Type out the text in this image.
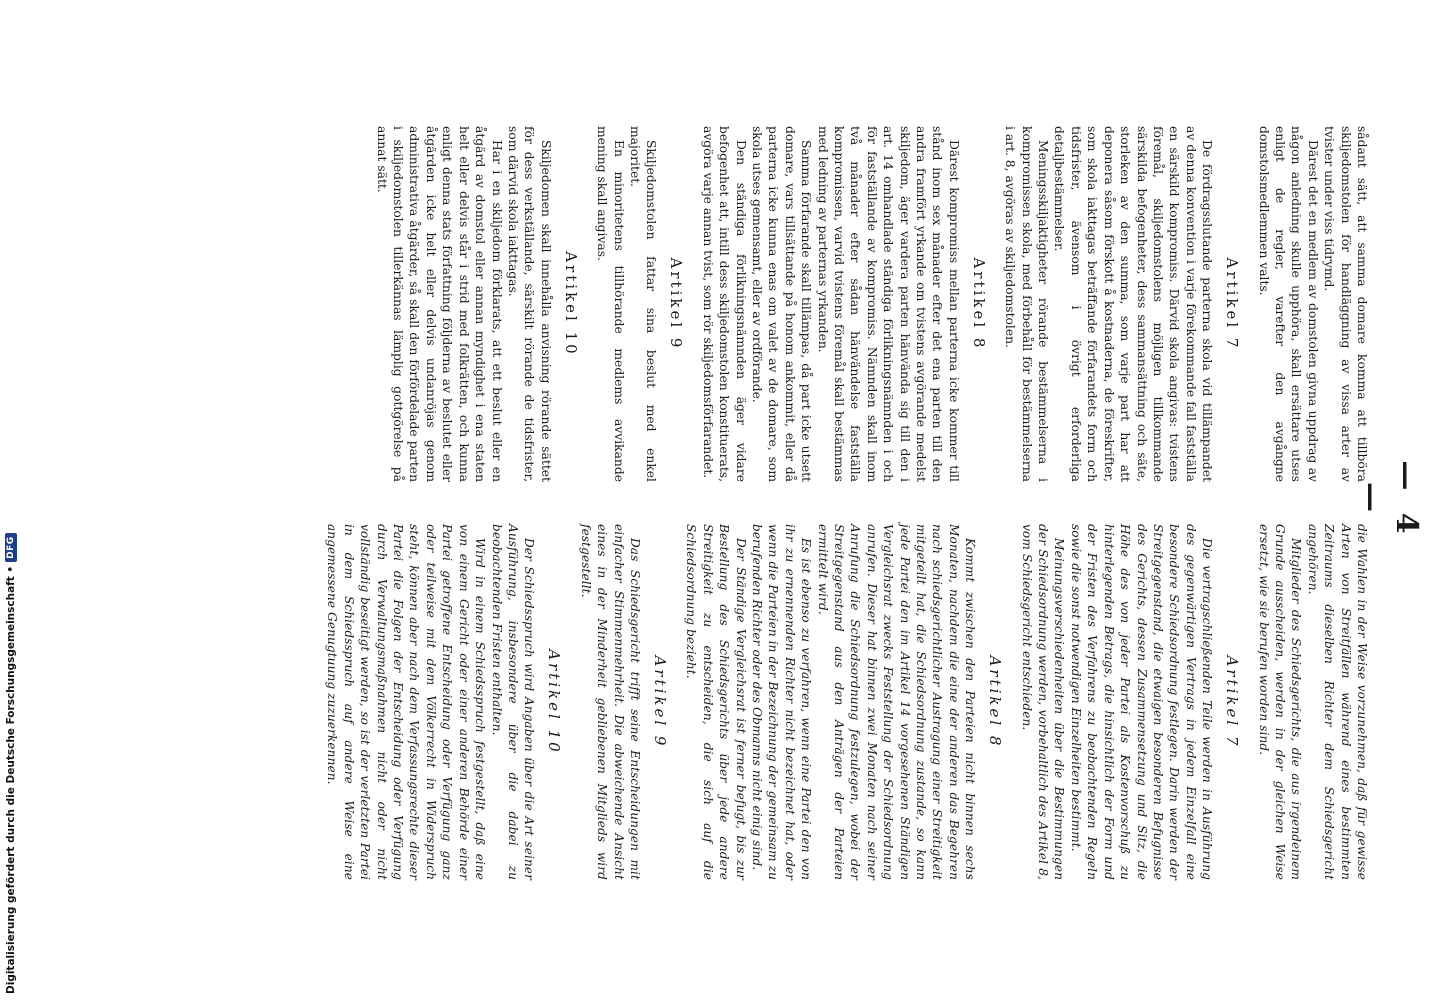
— 4 —

sådant sätt, att samma domare komma att tillböra skiljedomstolen för handläggning av vissa arter av tvister under viss tidrymd.

Därest det en medlem av domstolen givna uppdrag av någon anledning skulle upphöra, skall ersättare utses enligt de regler, varefter den avgångne domstolsmedlemmen valts.

Artikel 7

De fördragsslutande parterna skola vid tillämpandet av denna konvention i varje förekommande fall fastställa en särskild kompromiss. Därvid skola angivas: tvistens föremål, skiljedomstolens möjligen tillkommande särskilda befogenheter, dess sammansättning och säte, storleken av den summa, som varje part har att deponera såsom förskott å kostnaderna, de föreskrifter, som skola iakttagas beträffande förfarandets form och tidsfrister, ävensom i övrigt erforderliga detaljbestämmelser.

Meningsskiljaktigheter rörande bestämmelserna i kompromissen skola, med förbehåll för bestämmelserna i art. 8, avgöras av skiljedomstolen.

Artikel 8

Därest kompromiss mellan parterna icke kommer till stånd inom sex månader efter det ena parten till den andra framfört yrkande om tvistens avgörande medelst skiljedom, äger vardera parten hänvända sig till den i art. 14 omhandlade ständiga förlikningsnämnden i och för fastställande av kompromiss. Nämnden skall inom två månader efter sådan hänvändelse fastställa kompromissen, varvid tvistens föremål skall bestämmas med ledning av parternas yrkanden.

Samma förfarande skall tillämpas, då part icke utsett domare, vars tillsättande på honom ankommit, eller då parterna icke kunna enas om valet av de domare, som skola utses gemensamt, eller av ordförande.

Den ständiga förlikningsnämnden äger vidare befogenhet att, intill dess skiljedomstolen konstituerats, avgöra varje annan tvist, som rör skiljedomsförfarandet.

Artikel 9

Skiljedomstolen fattar sina beslut med enkel majoritet.

En minoritetens tillhörande medlems avvikande mening skall angivas.

Artikel 10

Skiljedomen skall innehålla anvisning rörande sättet för dess verkställande, särskilt rörande de tidsfrister, som därvid skola iakttagas.

Har i en skiljedom förklarats, att ett beslut eller en åtgärd av domstol eller annan myndighet i ena staten helt eller delvis står i strid med folkrätten, och kunna enligt denna stats författning följderna av beslutet eller åtgärden icke helt eller delvis undanröjas genom administrativa åtgärder, så skall den förfördelade parten i skiljedomstolen tillerkännas lämplig gottgörelse på annat sätt.

die Wahlen in der Weise vorzunehmen, daß für gewisse Arten von Streitfällen während eines bestimmten Zeitraums dieselben Richter dem Schiedsgericht angehören.

Mitglieder des Schiedsgerichts, die aus irgendeinem Grunde ausscheiden, werden in der gleichen Weise ersetzt, wie sie berufen worden sind.

Artikel 7

Die vertragschließenden Teile werden in Ausführung des gegenwärtigen Vertrags in jedem Einzelfall eine besondere Schiedsordnung festlegen. Darin werden der Streitgegenstand, die etwaigen besonderen Befugnisse des Gerichts, dessen Zusammensetzung und Sitz, die Höhe des von jeder Partei als Kostenvorschuß zu hinterlegenden Betrags, die hinsichtlich der Form und der Fristen des Verfahrens zu beobachtenden Regeln sowie die sonst notwendigen Einzelheiten bestimmt.

Meinungsverschiedenheiten über die Bestimmungen der Schiedsordnung werden, vorbehaltlich des Artikel 8, vom Schiedsgericht entschieden.

Artikel 8

Kommt zwischen den Parteien nicht binnen sechs Monaten, nachdem die eine der anderen das Begehren nach schiedsgerichtlicher Austragung einer Streitigkeit mitgeteilt hat, die Schiedsordnung zustande, so kann jede Partei den im Artikel 14 vorgesehenen Ständigen Vergleichsrat zwecks Feststellung der Schiedsordnung anrufen. Dieser hat binnen zwei Monaten nach seiner Anrufung die Schiedsordnung festzulegen, wobei der Streitgegenstand aus den Anträgen der Parteien ermittelt wird.

Es ist ebenso zu verfahren, wenn eine Partei den von ihr zu ernennenden Richter nicht bezeichnet hat, oder wenn die Parteien in der Bezeichnung der gemeinsam zu berufenden Richter oder des Obmanns nicht einig sind.

Der Ständige Vergleichsrat ist ferner befugt, bis zur Bestellung des Schiedsgerichts über jede andere Streitigkeit zu entscheiden, die sich auf die Schiedsordnung bezieht.

Artikel 9

Das Schiedsgericht trifft seine Entscheidungen mit einfacher Stimmenmehrheit. Die abweichende Ansicht eines in der Minderheit gebliebenen Mitglieds wird festgestellt.

Artikel 10

Der Schiedsspruch wird Angaben über die Art seiner Ausführung, insbesondere über die dabei zu beobachtenden Fristen enthalten.

Wird in einem Schiedsspruch festgestellt, daß eine von einem Gericht oder einer anderen Behörde einer Partei getroffene Entscheidung oder Verfügung ganz oder teilweise mit dem Völkerrecht in Widerspruch steht, können aber nach dem Verfassungsrechte dieser Partei die Folgen der Entscheidung oder Verfügung durch Verwaltungsmaßnahmen nicht oder nicht vollständig beseitigt werden, so ist der verletzten Partei in dem Schiedsspruch auf andere Weise eine angemessene Genugtuung zuzuerkennen.

Digitalisierung gefördert durch die Deutsche Forschungsgemeinschaft •
DFG
